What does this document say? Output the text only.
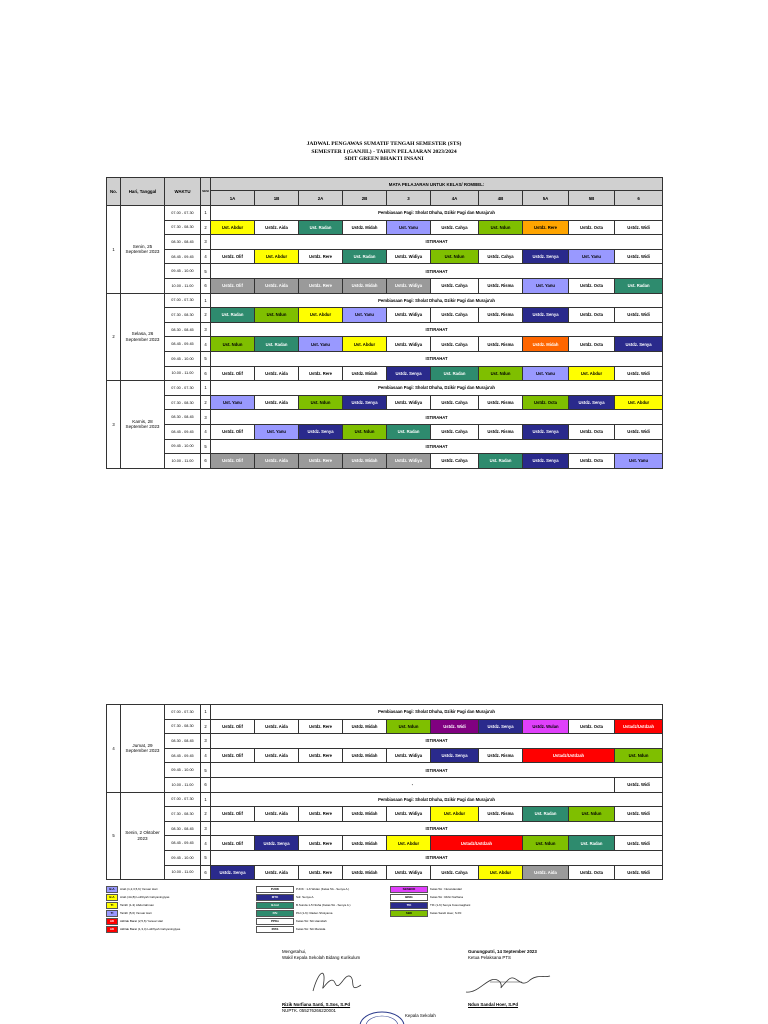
JADWAL PENGAWAS SUMATIF TENGAH SEMESTER (STS)
SEMESTER I (GANJIL) - TAHUN PELAJARAN 2023/2024
SDIT GREEN BHAKTI INSANI
No.	Hari, Tanggal	WAKTU	SESI	MATA PELAJARAN UNTUK KELAS/ ROMBEL:									
				1A	1B	2A	2B	3	4A	4B	5A	5B	6
1	Senin, 25 September 2023	07.00 - 07.30	1	Pembiasaan Pagi: Sholat Dhuha, Dzikir Pagi dan Muraja'ah									
		07.30 - 08.30	2	Ust. Abdur	Ustdz. Aida	Ust. Radan	Ustdz. Midah	Ust. Yanu	Ustdz. Cahya	Ust. Ndun	Ustdz. Rere	Ustdz. Octa	Ustdz. Widi
		08.30 - 08.45	3	ISTIRAHAT									
		08.45 - 09.45	4	Ustdz. Olif	Ust. Abdur	Ustdz. Rere	Ust. Radan	Ustdz. Widiya	Ust. Ndun	Ustdz. Cahya	Ustdz. Senya	Ust. Yanu	Ustdz. Widi
		09.45 - 10.00	5	ISTIRAHAT									
		10.00 - 11.00	6	Ustdz. Olif	Ustdz. Aida	Ustdz. Rere	Ustdz. Midah	Ustdz. Widiya	Ustdz. Cahya	Ustdz. Risma	Ust. Yanu	Ustdz. Octa	Ust. Radan
2	Selasa, 26 September 2023	07.00 - 07.30	1	Pembiasaan Pagi: Sholat Dhuha, Dzikir Pagi dan Muraja'ah									
		07.30 - 08.30	2	Ust. Radan	Ust. Ndun	Ust. Abdur	Ust. Yanu	Ustdz. Widiya	Ustdz. Cahya	Ustdz. Risma	Ustdz. Senya	Ustdz. Octa	Ustdz. Widi
		08.30 - 08.45	3	ISTIRAHAT									
		08.45 - 09.45	4	Ust. Ndun	Ust. Radan	Ust. Yanu	Ust. Abdur	Ustdz. Widiya	Ustdz. Cahya	Ustdz. Risma	Ustdz. Midah	Ustdz. Octa	Ustdz. Senya
		09.45 - 10.00	5	ISTIRAHAT									
		10.00 - 11.00	6	Ustdz. Olif	Ustdz. Aida	Ustdz. Rere	Ustdz. Midah	Ustdz. Senya	Ust. Radan	Ust. Ndun	Ust. Yanu	Ust. Abdur	Ustdz. Widi
3	Kamis, 28 September 2023	07.00 - 07.30	1	Pembiasaan Pagi: Sholat Dhuha, Dzikir Pagi dan Muraja'ah									
		07.30 - 08.30	2	Ust. Yanu	Ustdz. Aida	Ust. Ndun	Ustdz. Senya	Ustdz. Widiya	Ustdz. Cahya	Ustdz. Risma	Ustdz. Octa	Ustdz. Senya	Ust. Abdur
		08.30 - 08.45	3	ISTIRAHAT									
		08.45 - 09.45	4	Ustdz. Olif	Ust. Yanu	Ustdz. Senya	Ust. Ndun	Ust. Radan	Ustdz. Cahya	Ustdz. Risma	Ustdz. Senya	Ustdz. Octa	Ustdz. Widi
		09.45 - 10.00	5	ISTIRAHAT									
		10.00 - 11.00	6	Ustdz. Olif	Ustdz. Aida	Ustdz. Rere	Ustdz. Midah	Ustdz. Widiya	Ustdz. Cahya	Ust. Radan	Ustdz. Senya	Ustdz. Octa	Ust. Yanu
4	Jumat, 29 September 2023	07.00 - 07.30	1	Pembiasaan Pagi: Sholat Dhuha, Dzikir Pagi dan Muraja'ah									
		07.30 - 08.30	2	Ustdz. Olif	Ustdz. Aida	Ustdz. Rere	Ustdz. Midah	Ust. Ndun	Ustdz. Widi	Ustdz. Senya	Ustdz. Wulan	Ustdz. Octa	Ustadz/Ustdzah
		08.30 - 08.45	3	ISTIRAHAT									
		08.45 - 09.45	4	Ustdz. Olif	Ustdz. Aida	Ustdz. Rere	Ustdz. Midah	Ustdz. Widiya	Ustdz. Senya	Ustdz. Risma	Ustadz/Ustdzah		Ust. Ndun
		09.45 - 10.00	5	ISTIRAHAT									
		10.00 - 11.00	6	-									Ustdz. Widi
5	Senin, 2 Oktober 2023	07.00 - 07.30	1	Pembiasaan Pagi: Sholat Dhuha, Dzikir Pagi dan Muraja'ah									
		07.30 - 08.30	2	Ustdz. Olif	Ustdz. Aida	Ustdz. Rere	Ustdz. Midah	Ustdz. Widiya	Ust. Abdur	Ustdz. Risma	Ust. Radan	Ust. Ndun	Ustdz. Widi
		08.30 - 08.45	3	ISTIRAHAT									
		08.45 - 09.45	4	Ustdz. Olif	Ustdz. Senya	Ustdz. Rere	Ustdz. Midah	Ust. Abdur	Ustadz/Ustdzah		Ust. Ndun	Ust. Radan	Ustdz. Widi
		09.45 - 10.00	5	ISTIRAHAT									
		10.00 - 11.00	6	Ustdz. Senya	Ustdz. Aida	Ustdz. Rere	Ustdz. Midah	Ustdz. Widiya	Ustdz. Cahya	Ust. Abdur	Ustdz. Aida	Ustdz. Octa	Ustdz. Widi
Mengetahui,
Wakil Kepala Sekolah Bidang Kurikulum
Rizik Norfiana Santi, S.Sos, S.Pd
NUPTK. 055276266220001
Gunungputri, 14 September 2023
Ketua Pelaksana PTS
Ndun Sandal Hoer, S.Pd
Kepala Sekolah
B.A	Arab (1,2,3,5,6) Yanuar Hari
B.A	Arab (4A,B) Luthfiyah Cahyaningtyas
TI	Tarikh (1-3) Abdurrahman
TI	Tarikh (5,6) Yanuar Hari
AK	Akhlak Barat (2,5,6) Yanuar Hari
AK	Akhlak Barat (1,3,4) Luthfiyah Cahyaningtyas
PJOK	PJOK : 1-6 Wulan (Kelas 5A - Senya A.)
MTK	Sdr. Senya A.
B.Ind	B.Sunda 1-5 Nisha (Kelas 5A - Senya A.)
PAI	PAI (1-6): Raden Sholyama
PPKn	Kelas 5A: Siti Hamidah
IPAS	Kelas 5A: Siti Marsida
SENBUD	Kelas 5A : Nurwulandari
BING	Kelas 5A : Rizki Norfiana
TIK	TIK (1-6) Senya Kusumaghani
SBK	Kelas Sandi Hoer, S.Pd
